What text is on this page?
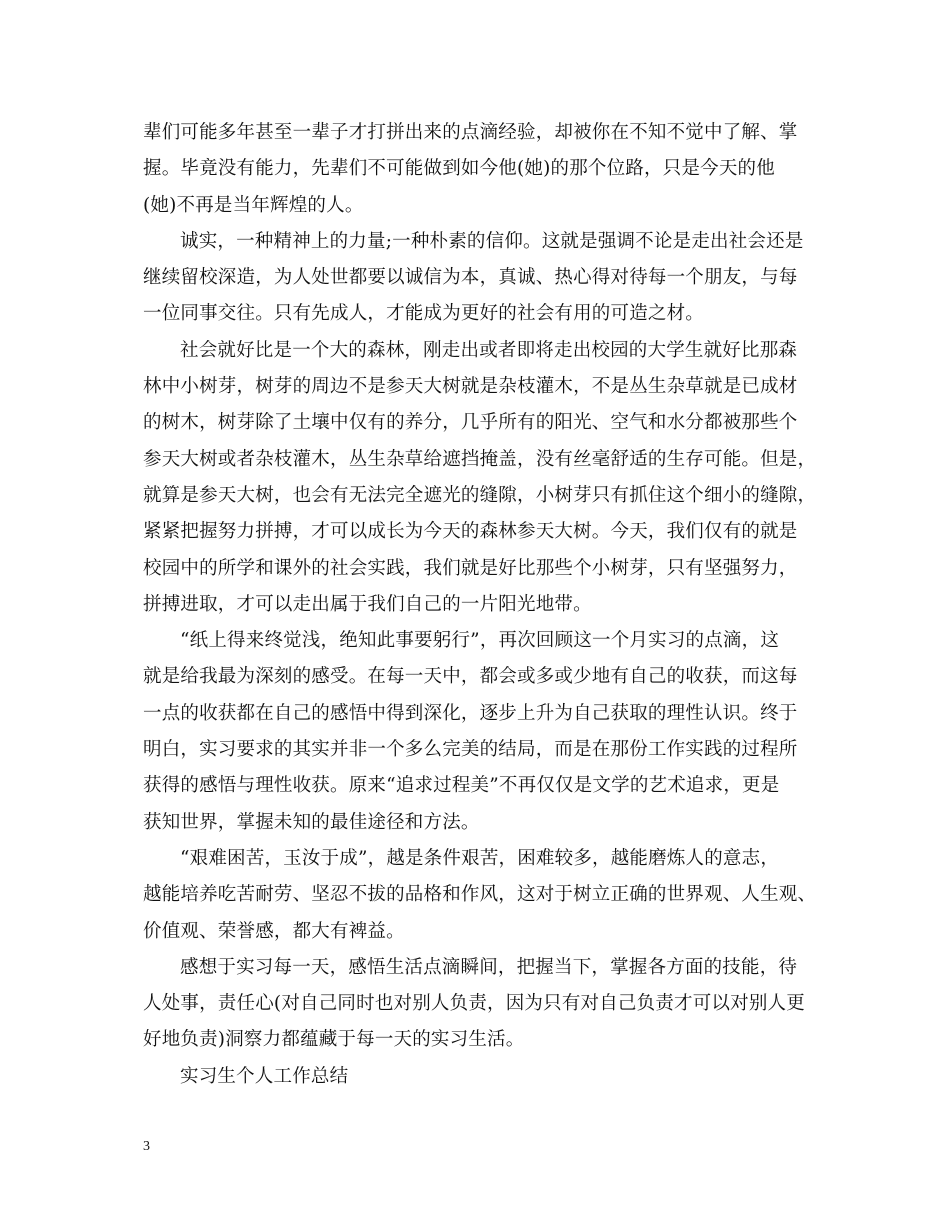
辈们可能多年甚至一辈子才打拼出来的点滴经验，却被你在不知不觉中了解、掌
握。毕竟没有能力，先辈们不可能做到如今他(她)的那个位路，只是今天的他
(她)不再是当年辉煌的人。

诚实，一种精神上的力量;一种朴素的信仰。这就是强调不论是走出社会还是
继续留校深造，为人处世都要以诚信为本，真诚、热心得对待每一个朋友，与每
一位同事交往。只有先成人，才能成为更好的社会有用的可造之材。

社会就好比是一个大的森林，刚走出或者即将走出校园的大学生就好比那森
林中小树芽，树芽的周边不是参天大树就是杂枝灌木，不是丛生杂草就是已成材
的树木，树芽除了土壤中仅有的养分，几乎所有的阳光、空气和水分都被那些个
参天大树或者杂枝灌木，丛生杂草给遮挡掩盖，没有丝毫舒适的生存可能。但是，
就算是参天大树，也会有无法完全遮光的缝隙，小树芽只有抓住这个细小的缝隙，
紧紧把握努力拼搏，才可以成长为今天的森林参天大树。今天，我们仅有的就是
校园中的所学和课外的社会实践，我们就是好比那些个小树芽，只有坚强努力，
拼搏进取，才可以走出属于我们自己的一片阳光地带。

“纸上得来终觉浅，绝知此事要躬行”，再次回顾这一个月实习的点滴，这
就是给我最为深刻的感受。在每一天中，都会或多或少地有自己的收获，而这每
一点的收获都在自己的感悟中得到深化，逐步上升为自己获取的理性认识。终于
明白，实习要求的其实并非一个多么完美的结局，而是在那份工作实践的过程所
获得的感悟与理性收获。原来“追求过程美”不再仅仅是文学的艺术追求，更是
获知世界，掌握未知的最佳途径和方法。

“艰难困苦，玉汝于成”，越是条件艰苦，困难较多，越能磨炼人的意志，
越能培养吃苦耐劳、坚忍不拔的品格和作风，这对于树立正确的世界观、人生观、
价值观、荣誉感，都大有裨益。

感想于实习每一天，感悟生活点滴瞬间，把握当下，掌握各方面的技能，待
人处事，责任心(对自己同时也对别人负责，因为只有对自己负责才可以对别人更
好地负责)洞察力都蕴藏于每一天的实习生活。

实习生个人工作总结

3
